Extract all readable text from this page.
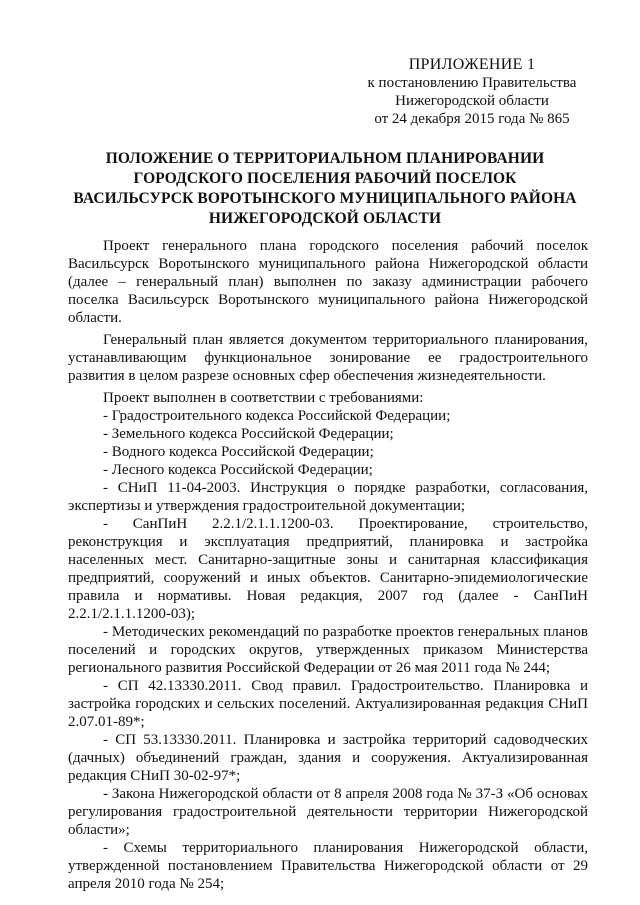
ПРИЛОЖЕНИЕ 1
к постановлению Правительства
Нижегородской области
от 24 декабря 2015 года № 865
ПОЛОЖЕНИЕ О ТЕРРИТОРИАЛЬНОМ ПЛАНИРОВАНИИ
ГОРОДСКОГО ПОСЕЛЕНИЯ РАБОЧИЙ ПОСЕЛОК
ВАСИЛЬСУРСК ВОРОТЫНСКОГО МУНИЦИПАЛЬНОГО РАЙОНА
НИЖЕГОРОДСКОЙ ОБЛАСТИ

Проект генерального плана городского поселения рабочий поселок Васильсурск Воротынского муниципального района Нижегородской области (далее – генеральный план) выполнен по заказу администрации рабочего поселка Васильсурск Воротынского муниципального района Нижегородской области.

Генеральный план является документом территориального планирования, устанавливающим функциональное зонирование ее градостроительного развития в целом разрезе основных сфер обеспечения жизнедеятельности.

Проект выполнен в соответствии с требованиями:

- Градостроительного кодекса Российской Федерации;

- Земельного кодекса Российской Федерации;

- Водного кодекса Российской Федерации;

- Лесного кодекса Российской Федерации;

- СНиП 11-04-2003. Инструкция о порядке разработки, согласования, экспертизы и утверждения градостроительной документации;

- СанПиН 2.2.1/2.1.1.1200-03. Проектирование, строительство, реконструкция и эксплуатация предприятий, планировка и застройка населенных мест. Санитарно-защитные зоны и санитарная классификация предприятий, сооружений и иных объектов. Санитарно-эпидемиологические правила и нормативы. Новая редакция, 2007 год (далее - СанПиН 2.2.1/2.1.1.1200-03);

- Методических рекомендаций по разработке проектов генеральных планов поселений и городских округов, утвержденных приказом Министерства регионального развития Российской Федерации от 26 мая 2011 года № 244;

- СП 42.13330.2011. Свод правил. Градостроительство. Планировка и застройка городских и сельских поселений. Актуализированная редакция СНиП 2.07.01-89*;

- СП 53.13330.2011. Планировка и застройка территорий садоводческих (дачных) объединений граждан, здания и сооружения. Актуализированная редакция СНиП 30-02-97*;

- Закона Нижегородской области от 8 апреля 2008 года № 37-З «Об основах регулирования градостроительной деятельности территории Нижегородской области»;

- Схемы территориального планирования Нижегородской области, утвержденной постановлением Правительства Нижегородской области от 29 апреля 2010 года № 254;
